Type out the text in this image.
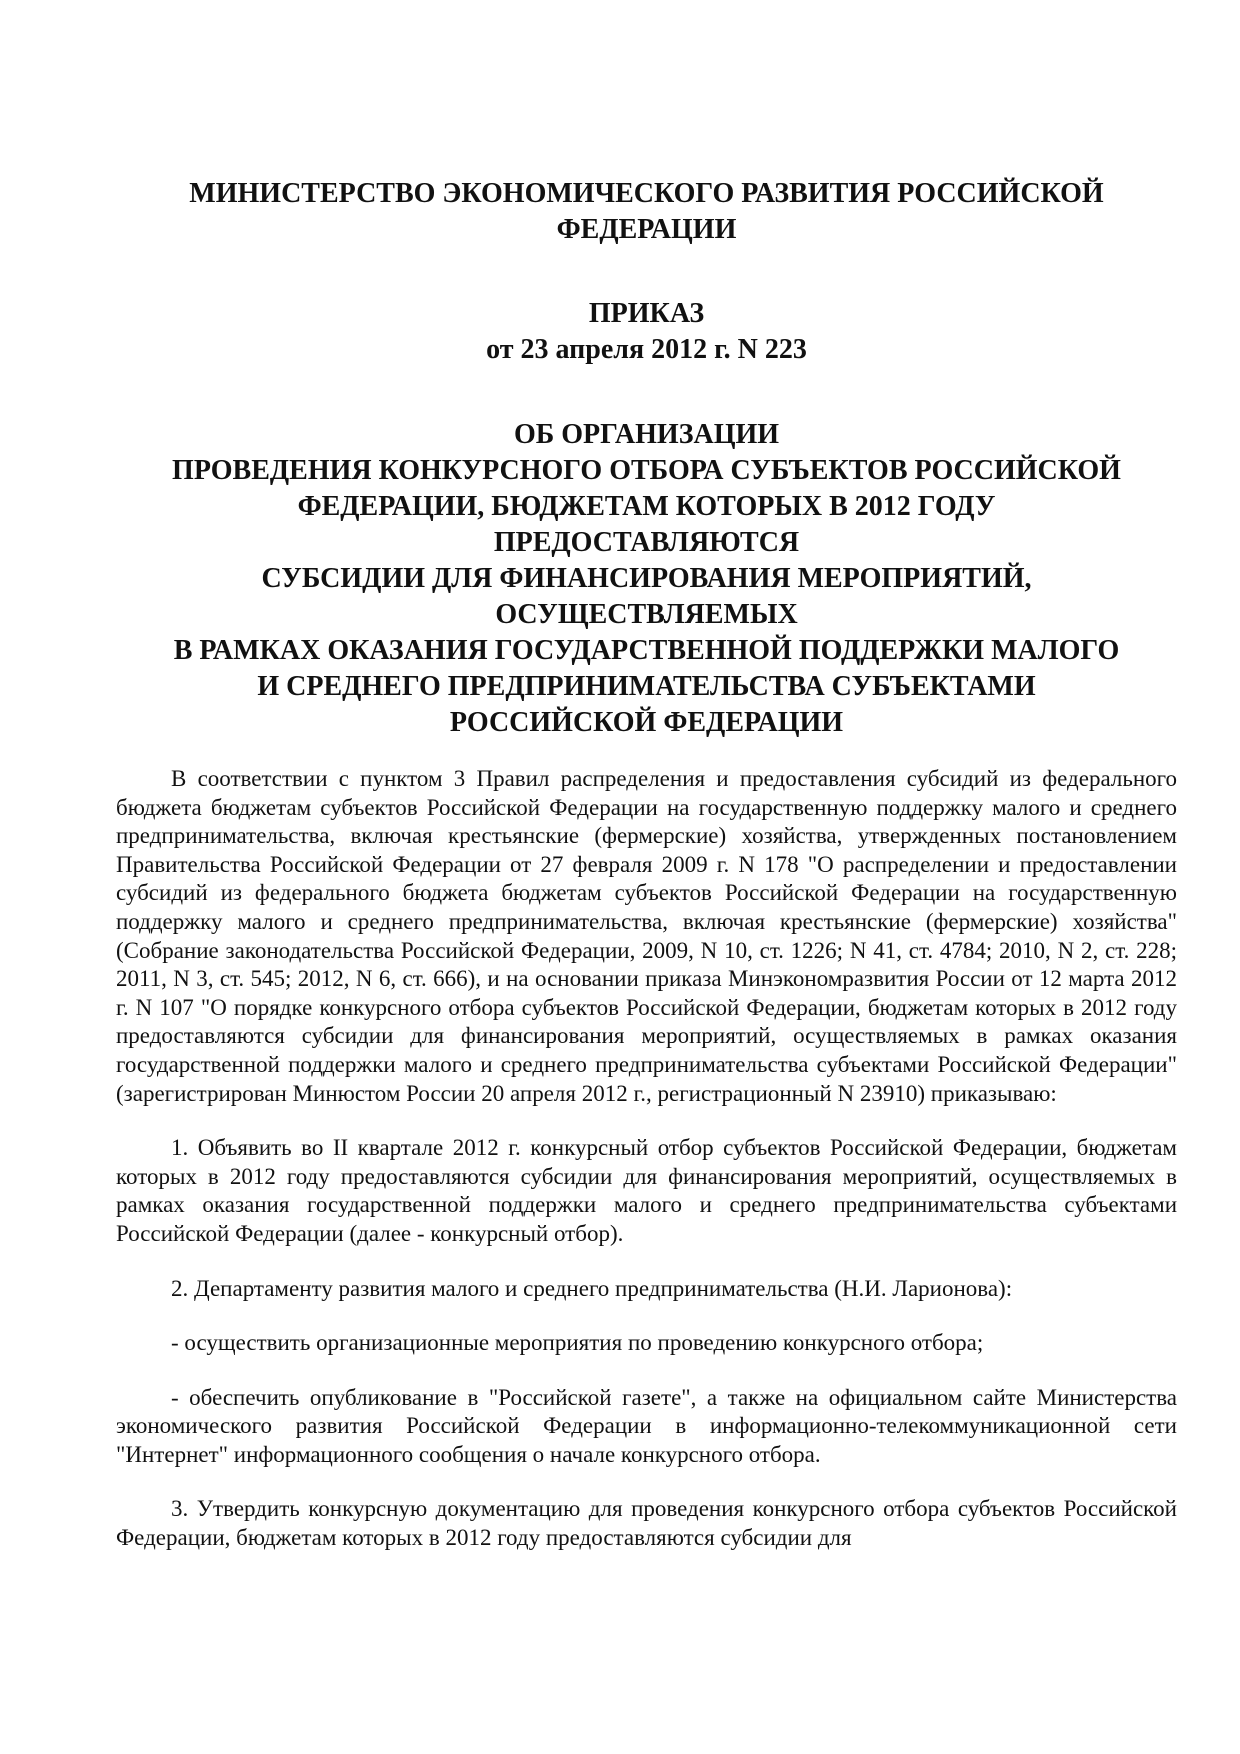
МИНИСТЕРСТВО ЭКОНОМИЧЕСКОГО РАЗВИТИЯ РОССИЙСКОЙ
ФЕДЕРАЦИИ
ПРИКАЗ
от 23 апреля 2012 г. N 223
ОБ ОРГАНИЗАЦИИ
ПРОВЕДЕНИЯ КОНКУРСНОГО ОТБОРА СУБЪЕКТОВ РОССИЙСКОЙ
ФЕДЕРАЦИИ, БЮДЖЕТАМ КОТОРЫХ В 2012 ГОДУ
ПРЕДОСТАВЛЯЮТСЯ
СУБСИДИИ ДЛЯ ФИНАНСИРОВАНИЯ МЕРОПРИЯТИЙ,
ОСУЩЕСТВЛЯЕМЫХ
В РАМКАХ ОКАЗАНИЯ ГОСУДАРСТВЕННОЙ ПОДДЕРЖКИ МАЛОГО
И СРЕДНЕГО ПРЕДПРИНИМАТЕЛЬСТВА СУБЪЕКТАМИ
РОССИЙСКОЙ ФЕДЕРАЦИИ

В соответствии с пунктом 3 Правил распределения и предоставления субсидий из федерального бюджета бюджетам субъектов Российской Федерации на государственную поддержку малого и среднего предпринимательства, включая крестьянские (фермерские) хозяйства, утвержденных постановлением Правительства Российской Федерации от 27 февраля 2009 г. N 178 "О распределении и предоставлении субсидий из федерального бюджета бюджетам субъектов Российской Федерации на государственную поддержку малого и среднего предпринимательства, включая крестьянские (фермерские) хозяйства" (Собрание законодательства Российской Федерации, 2009, N 10, ст. 1226; N 41, ст. 4784; 2010, N 2, ст. 228; 2011, N 3, ст. 545; 2012, N 6, ст. 666), и на основании приказа Минэкономразвития России от 12 марта 2012 г. N 107 "О порядке конкурсного отбора субъектов Российской Федерации, бюджетам которых в 2012 году предоставляются субсидии для финансирования мероприятий, осуществляемых в рамках оказания государственной поддержки малого и среднего предпринимательства субъектами Российской Федерации" (зарегистрирован Минюстом России 20 апреля 2012 г., регистрационный N 23910) приказываю:

1. Объявить во II квартале 2012 г. конкурсный отбор субъектов Российской Федерации, бюджетам которых в 2012 году предоставляются субсидии для финансирования мероприятий, осуществляемых в рамках оказания государственной поддержки малого и среднего предпринимательства субъектами Российской Федерации (далее - конкурсный отбор).

2. Департаменту развития малого и среднего предпринимательства (Н.И. Ларионова):

- осуществить организационные мероприятия по проведению конкурсного отбора;

- обеспечить опубликование в "Российской газете", а также на официальном сайте Министерства экономического развития Российской Федерации в информационно-телекоммуникационной сети "Интернет" информационного сообщения о начале конкурсного отбора.

3. Утвердить конкурсную документацию для проведения конкурсного отбора субъектов Российской Федерации, бюджетам которых в 2012 году предоставляются субсидии для
